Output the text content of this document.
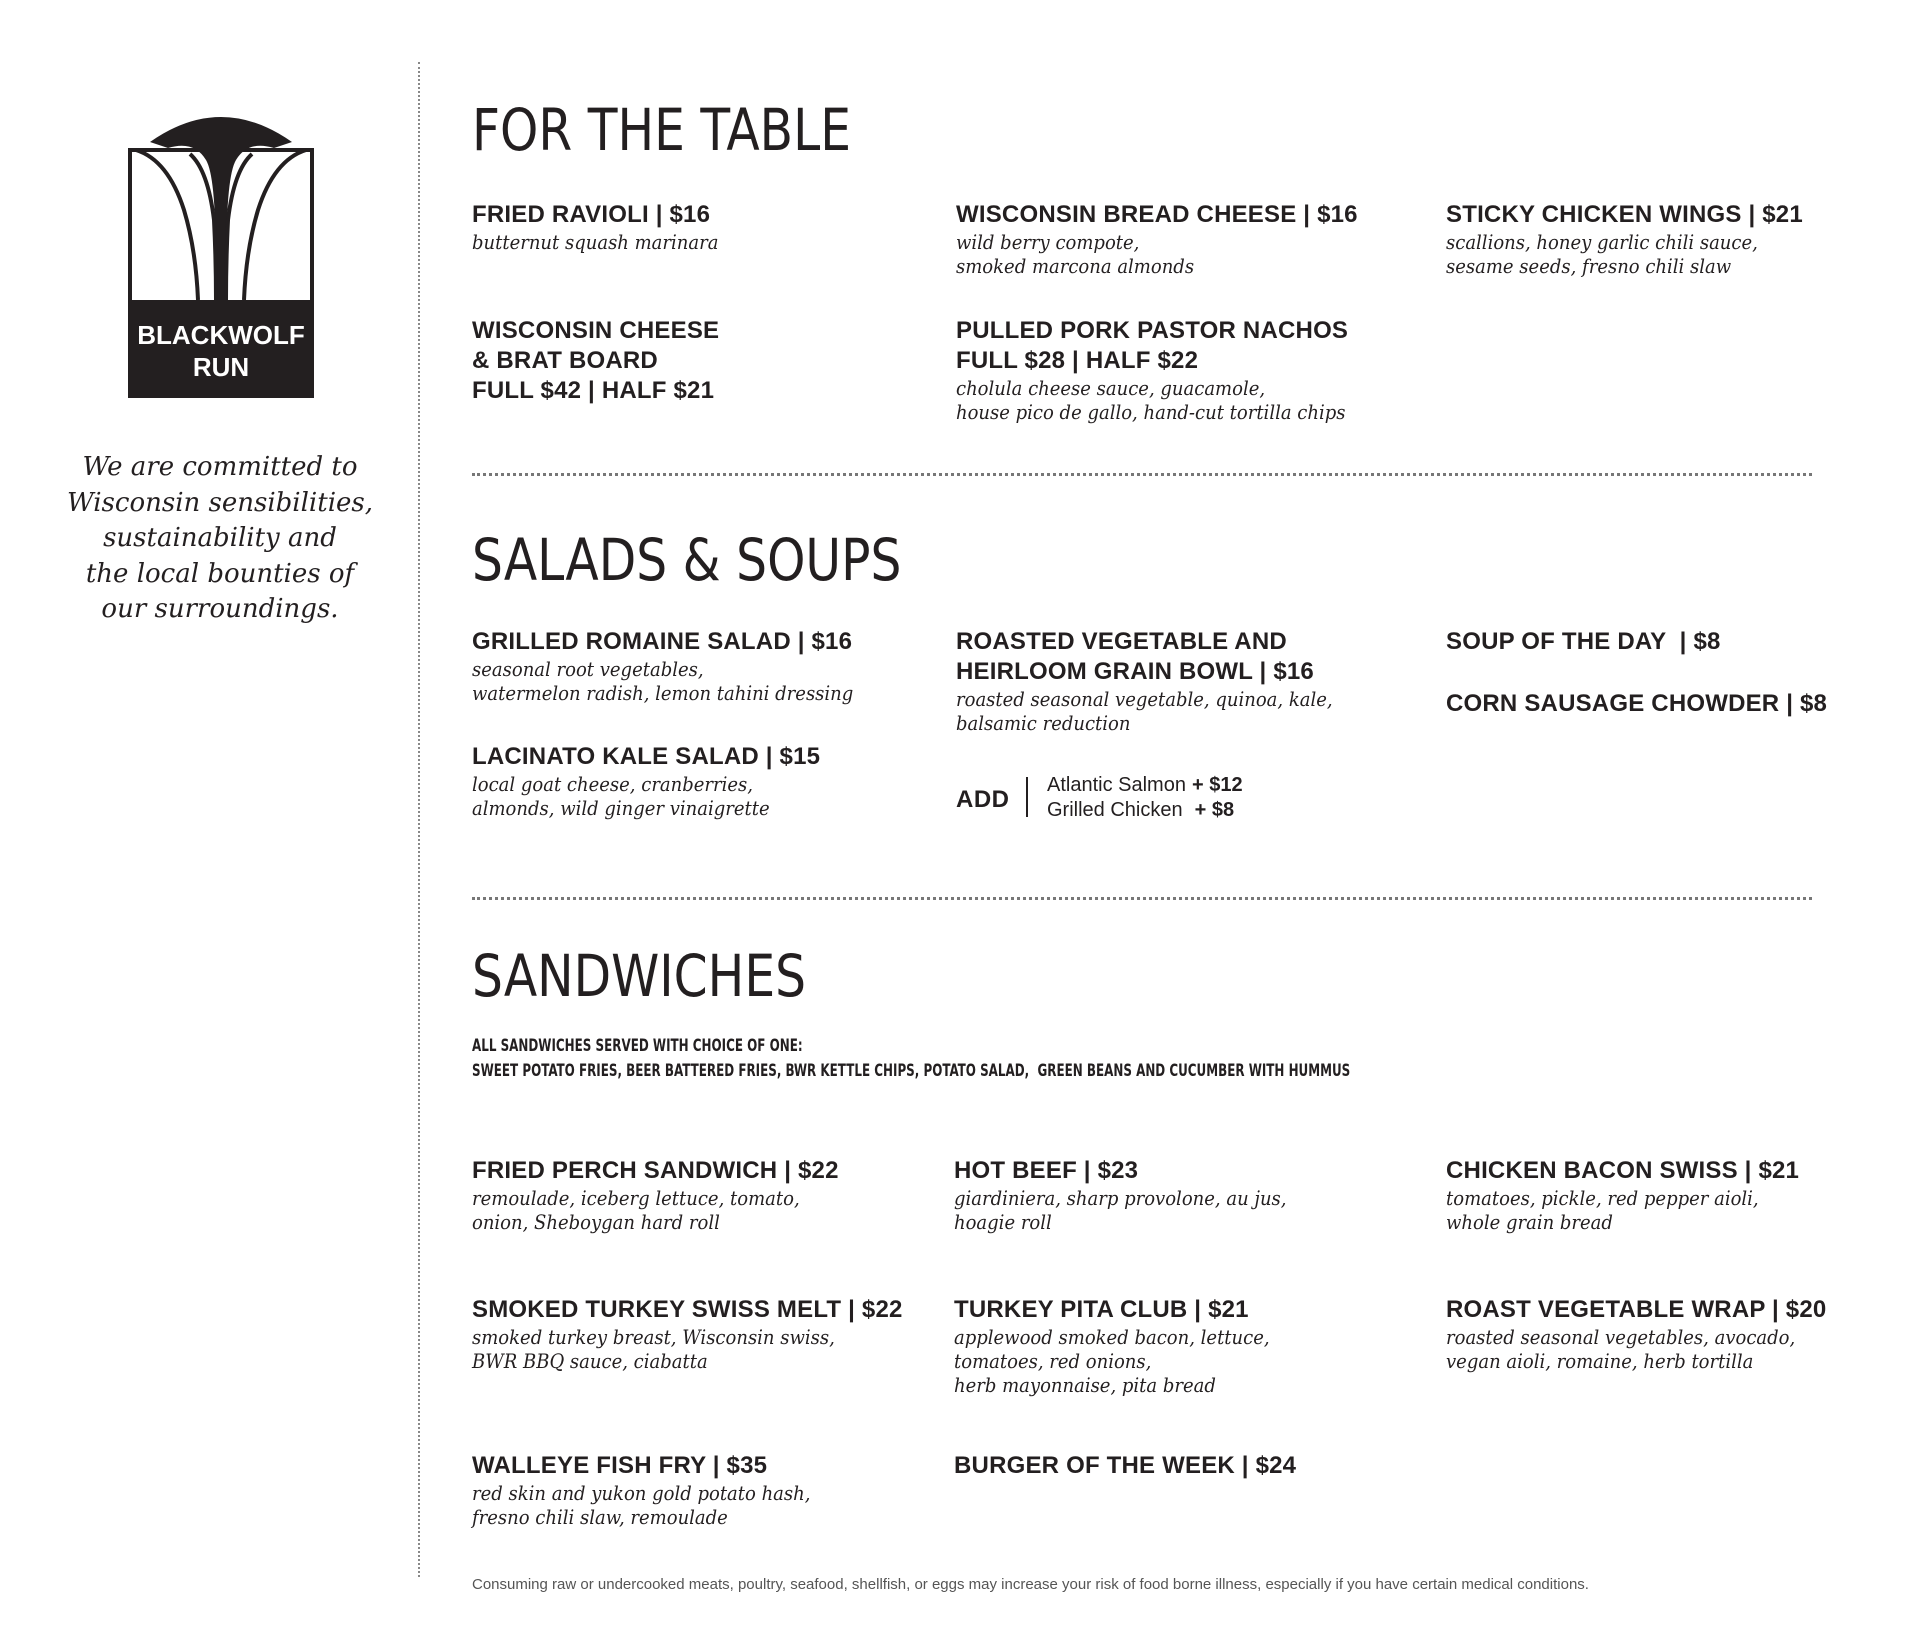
BLACKWOLF
RUN

We are committed to
Wisconsin sensibilities,
sustainability and
the local bounties of
our surroundings.

FOR THE TABLE

FRIED RAVIOLI | $16

butternut squash marinara

WISCONSIN BREAD CHEESE | $16

wild berry compote,
smoked marcona almonds

STICKY CHICKEN WINGS | $21

scallions, honey garlic chili sauce,
sesame seeds, fresno chili slaw

WISCONSIN CHEESE
& BRAT BOARD
FULL $42 | HALF $21

PULLED PORK PASTOR NACHOS
FULL $28 | HALF $22

cholula cheese sauce, guacamole,
house pico de gallo, hand-cut tortilla chips

SALADS & SOUPS

GRILLED ROMAINE SALAD | $16

seasonal root vegetables,
watermelon radish, lemon tahini dressing

ROASTED VEGETABLE AND
HEIRLOOM GRAIN BOWL | $16

roasted seasonal vegetable, quinoa, kale,
balsamic reduction

SOUP OF THE DAY  | $8

CORN SAUSAGE CHOWDER | $8

LACINATO KALE SALAD | $15

local goat cheese, cranberries,
almonds, wild ginger vinaigrette	ADD
Atlantic Salmon + $12
Grilled Chicken + $8
SANDWICHES
ALL SANDWICHES SERVED WITH CHOICE OF ONE:
SWEET POTATO FRIES, BEER BATTERED FRIES, BWR KETTLE CHIPS, POTATO SALAD,  GREEN BEANS AND CUCUMBER WITH HUMMUS

FRIED PERCH SANDWICH | $22

remoulade, iceberg lettuce, tomato,
onion, Sheboygan hard roll

HOT BEEF | $23

giardiniera, sharp provolone, au jus,
hoagie roll

CHICKEN BACON SWISS | $21

tomatoes, pickle, red pepper aioli,
whole grain bread

SMOKED TURKEY SWISS MELT | $22

smoked turkey breast, Wisconsin swiss,
BWR BBQ sauce, ciabatta

TURKEY PITA CLUB | $21

applewood smoked bacon, lettuce,
tomatoes, red onions,
herb mayonnaise, pita bread

ROAST VEGETABLE WRAP | $20

roasted seasonal vegetables, avocado,
vegan aioli, romaine, herb tortilla

WALLEYE FISH FRY | $35

red skin and yukon gold potato hash,
fresno chili slaw, remoulade

BURGER OF THE WEEK | $24

Consuming raw or undercooked meats, poultry, seafood, shellfish, or eggs may increase your risk of food borne illness, especially if you have certain medical conditions.
